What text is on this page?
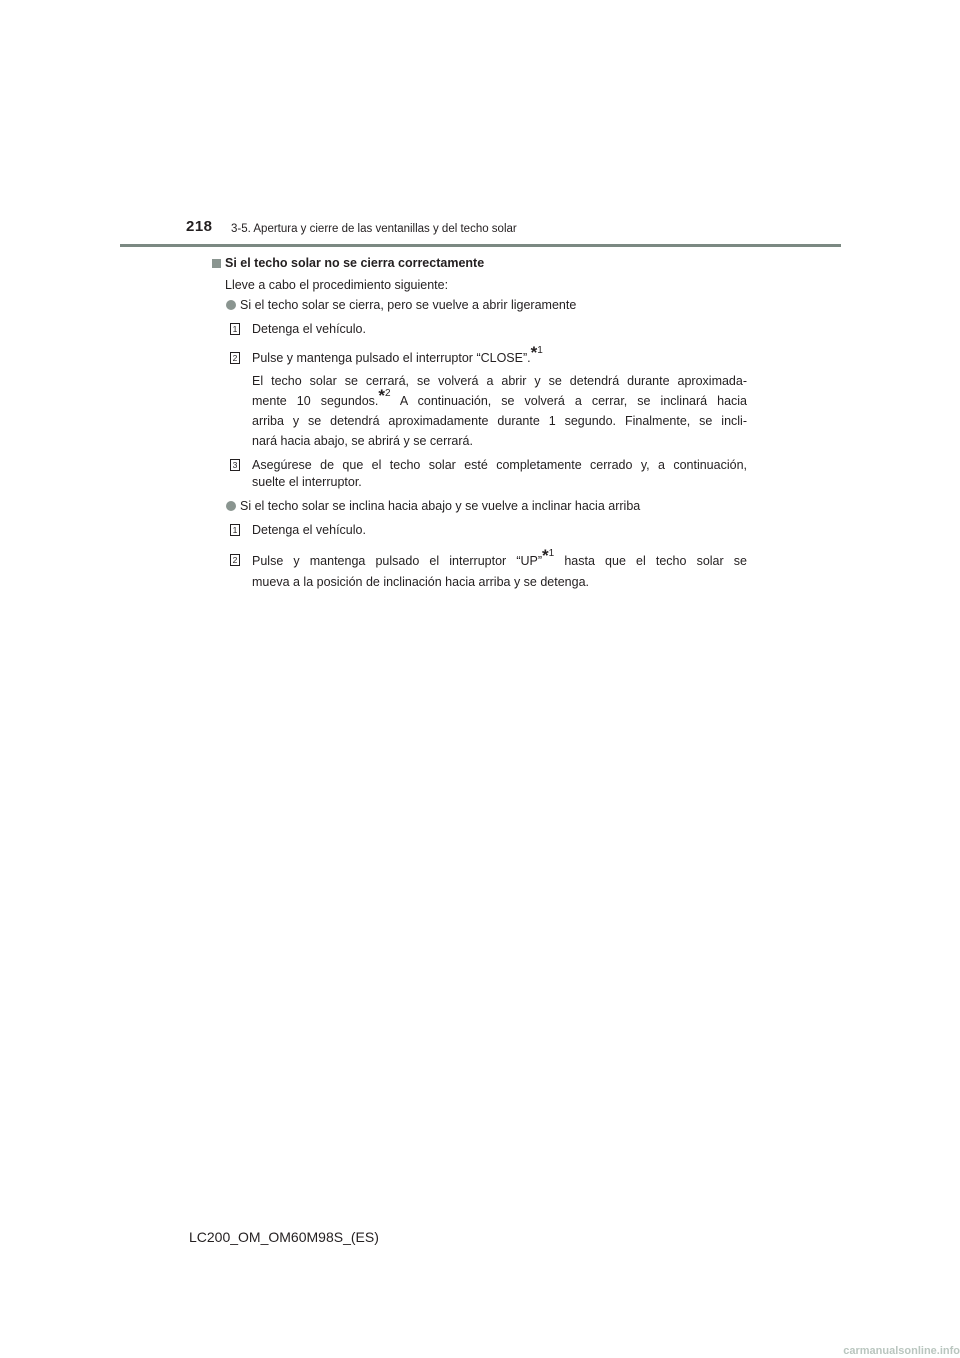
218 3-5. Apertura y cierre de las ventanillas y del techo solar
Si el techo solar no se cierra correctamente
Lleve a cabo el procedimiento siguiente:
Si el techo solar se cierra, pero se vuelve a abrir ligeramente
1 Detenga el vehículo.
2 Pulse y mantenga pulsado el interruptor “CLOSE”.$^{*1}$
El techo solar se cerrará, se volverá a abrir y se detendrá durante aproximada-
mente 10 segundos.$^{*2}$ A continuación, se volverá a cerrar, se inclinará hacia
arriba y se detendrá aproximadamente durante 1 segundo. Finalmente, se incli-
nará hacia abajo, se abrirá y se cerrará.
3 Asegúrese de que el techo solar esté completamente cerrado y, a continuación,
suelte el interruptor.
Si el techo solar se inclina hacia abajo y se vuelve a inclinar hacia arriba
1 Detenga el vehículo.
2 Pulse y mantenga pulsado el interruptor “UP”$^{*1}$ hasta que el techo solar se
mueva a la posición de inclinación hacia arriba y se detenga.
LC200_OM_OM60M98S_(ES)
carmanualsonline.info
